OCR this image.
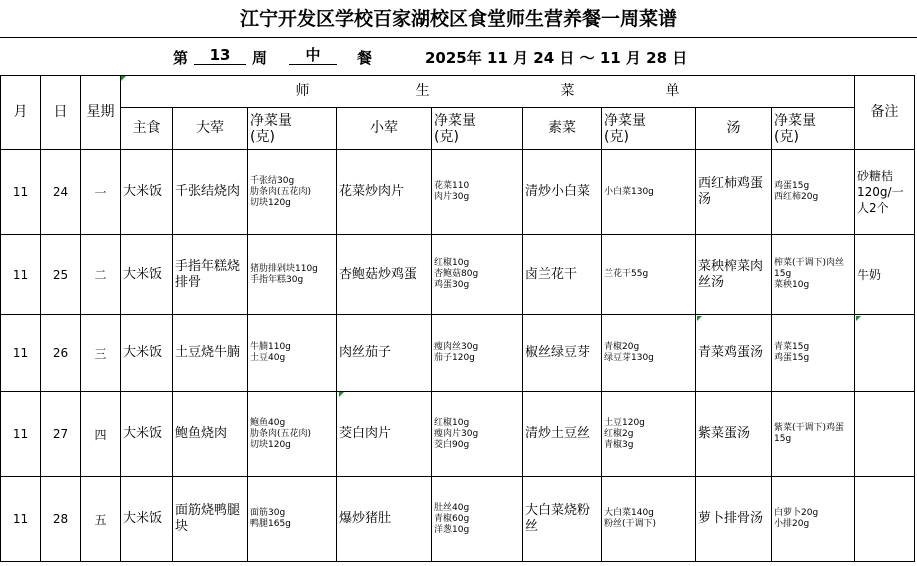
江宁开发区学校百家湖校区食堂师生营养餐一周菜谱
第	13	周	中	餐	2025年 11 月 24 日 ～ 11 月 28 日
月	日	星期	师 生 菜 单									备注
			主食	大荤	净菜量
(克)	小荤	净菜量
(克)	素菜	净菜量
(克)	汤	净菜量
(克)	
11	24	一	大米饭	千张结烧肉	千张结30g
肋条肉(五花肉)
切块120g	花菜炒肉片	花菜110
肉片30g	清炒小白菜	小白菜130g	西红柿鸡蛋汤	鸡蛋15g
西红柿20g	砂糖桔120g/一人2个
11	25	二	大米饭	手指年糕烧排骨	猪肋排剁块110g
手指年糕30g	杏鲍菇炒鸡蛋	红椒10g
杏鲍菇80g
鸡蛋30g	卤兰花干	兰花干55g	菜秧榨菜肉丝汤	榨菜(干调下)肉丝15g
菜秧10g	牛奶
11	26	三	大米饭	土豆烧牛腩	牛腩110g
土豆40g	肉丝茄子	瘦肉丝30g
茄子120g	椒丝绿豆芽	青椒20g
绿豆芽130g	青菜鸡蛋汤	青菜15g
鸡蛋15g	
11	27	四	大米饭	鲍鱼烧肉	鲍鱼40g
肋条肉(五花肉)
切块120g	茭白肉片	红椒10g
瘦肉片30g
茭白90g	清炒土豆丝	土豆120g
红椒2g
青椒3g	紫菜蛋汤	紫菜(干调下)鸡蛋15g	
11	28	五	大米饭	面筋烧鸭腿块	面筋30g
鸭腿165g	爆炒猪肚	肚丝40g
青椒60g
洋葱10g	大白菜烧粉丝	大白菜140g
粉丝(干调下)	萝卜排骨汤	白萝卜20g
小排20g	
